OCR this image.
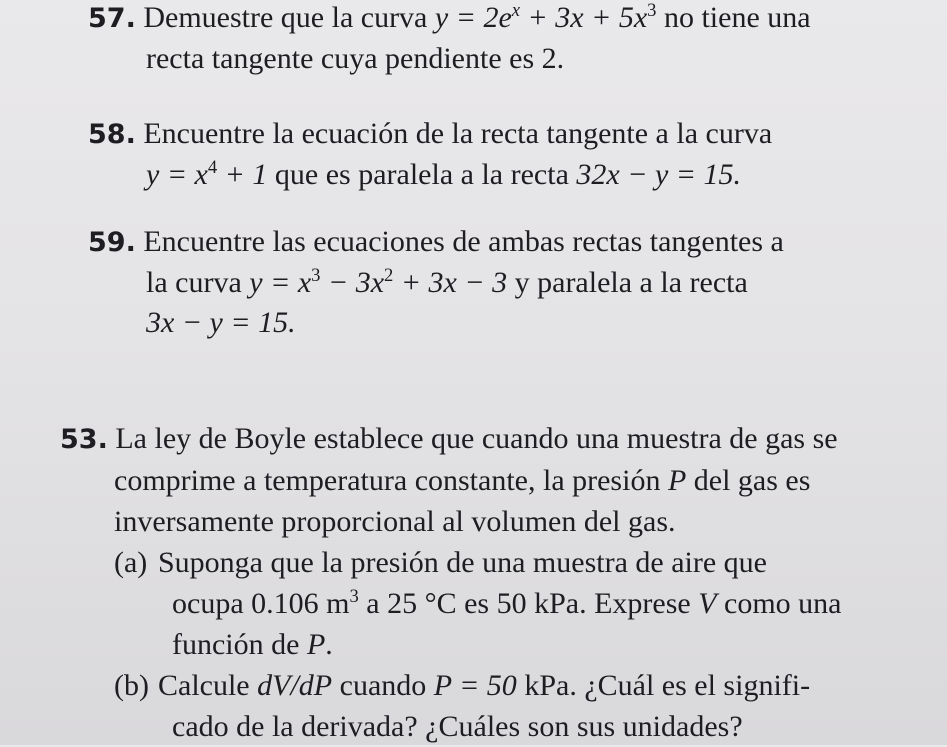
57. Demuestre que la curva $y = 2e^x + 3x + 5x^3$ no tiene una
recta tangente cuya pendiente es 2.
58. Encuentre la ecuación de la recta tangente a la curva
$y = x^4 + 1$ que es paralela a la recta 32x − y = 15.
59. Encuentre las ecuaciones de ambas rectas tangentes a
la curva $y = x^3 - 3x^2 + 3x - 3$ y paralela a la recta
3x − y = 15.
53. La ley de Boyle establece que cuando una muestra de gas se
comprime a temperatura constante, la presión P del gas es
inversamente proporcional al volumen del gas.
(a) Suponga que la presión de una muestra de aire que
ocupa 0.106 $m^3$ a 25 °C es 50 kPa. Exprese V como una
función de P.
(b) Calcule dV/dP cuando P = 50 kPa. ¿Cuál es el signifi-
cado de la derivada? ¿Cuáles son sus unidades?
